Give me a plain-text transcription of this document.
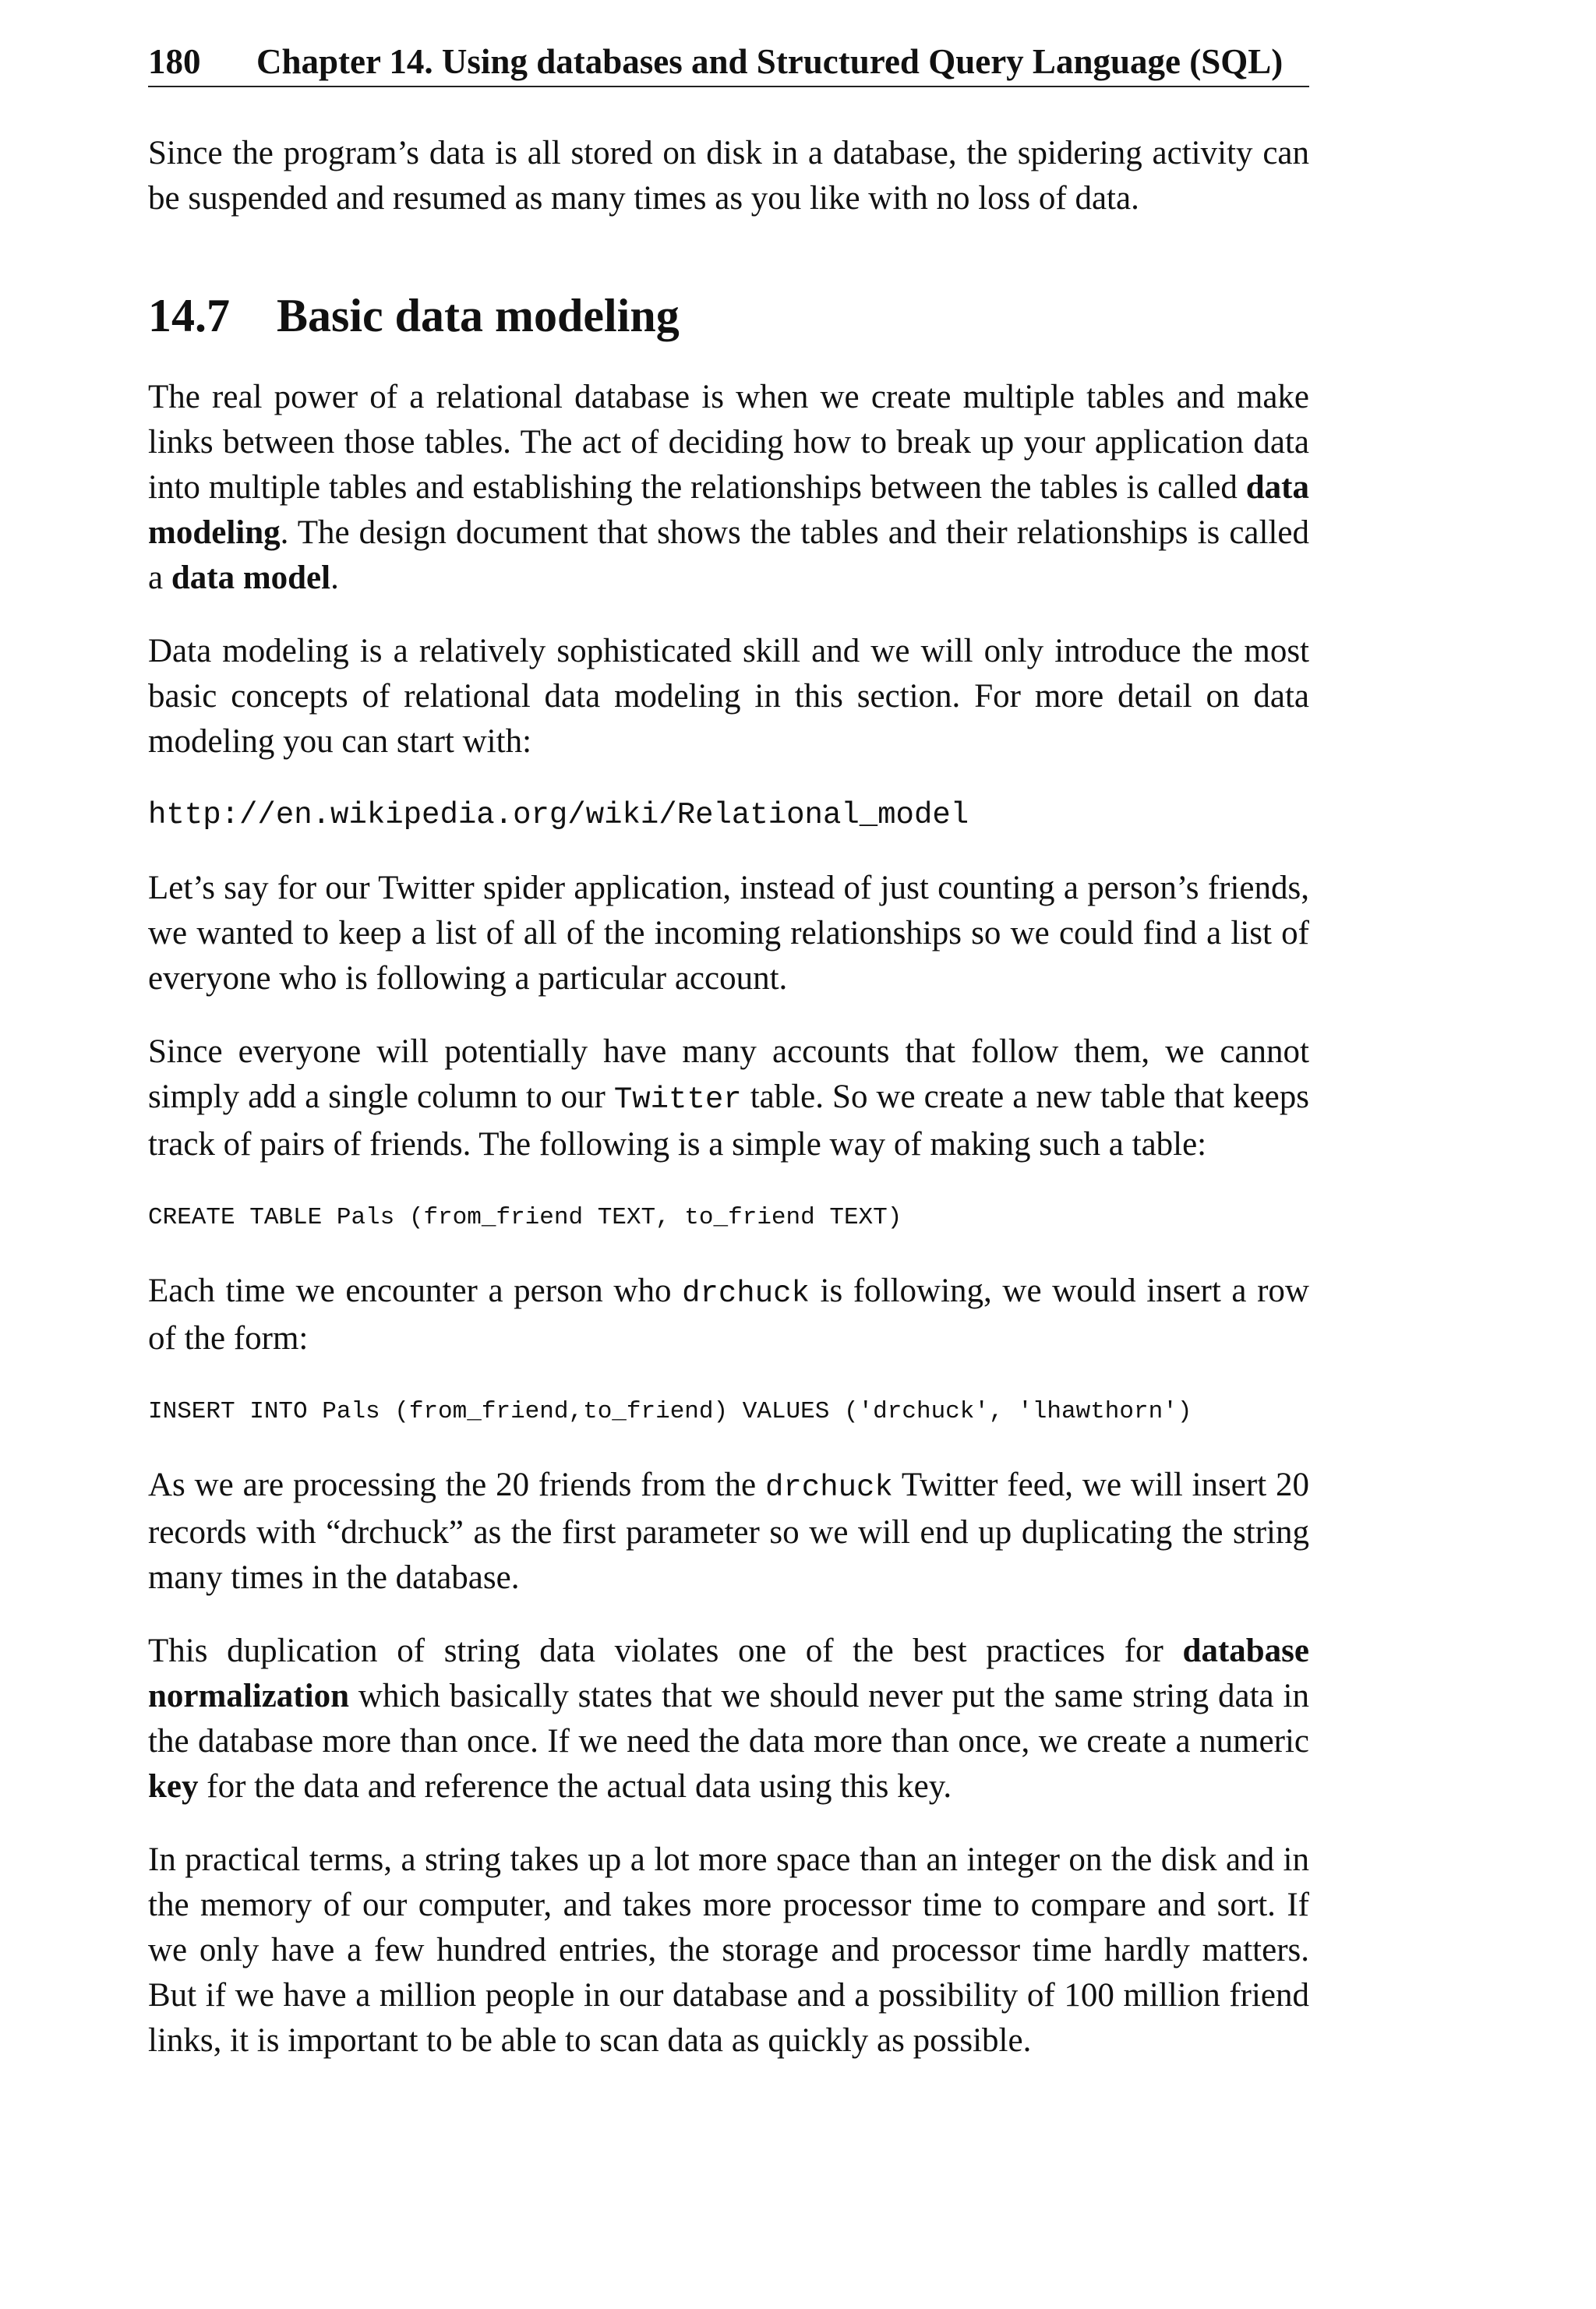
180 Chapter 14. Using databases and Structured Query Language (SQL)

Since the program’s data is all stored on disk in a database, the spidering activity can be suspended and resumed as many times as you like with no loss of data.

14.7 Basic data modeling

The real power of a relational database is when we create multiple tables and make links between those tables. The act of deciding how to break up your application data into multiple tables and establishing the relationships between the tables is called data modeling. The design document that shows the tables and their relationships is called a data model.

Data modeling is a relatively sophisticated skill and we will only introduce the most basic concepts of relational data modeling in this section. For more detail on data modeling you can start with:

http://en.wikipedia.org/wiki/Relational_model

Let’s say for our Twitter spider application, instead of just counting a person’s friends, we wanted to keep a list of all of the incoming relationships so we could find a list of everyone who is following a particular account.

Since everyone will potentially have many accounts that follow them, we cannot simply add a single column to our Twitter table. So we create a new table that keeps track of pairs of friends. The following is a simple way of making such a table:

CREATE TABLE Pals (from_friend TEXT, to_friend TEXT)

Each time we encounter a person who drchuck is following, we would insert a row of the form:

INSERT INTO Pals (from_friend,to_friend) VALUES ('drchuck', 'lhawthorn')

As we are processing the 20 friends from the drchuck Twitter feed, we will insert 20 records with “drchuck” as the first parameter so we will end up duplicating the string many times in the database.

This duplication of string data violates one of the best practices for database normalization which basically states that we should never put the same string data in the database more than once. If we need the data more than once, we create a numeric key for the data and reference the actual data using this key.

In practical terms, a string takes up a lot more space than an integer on the disk and in the memory of our computer, and takes more processor time to compare and sort. If we only have a few hundred entries, the storage and processor time hardly matters. But if we have a million people in our database and a possibility of 100 million friend links, it is important to be able to scan data as quickly as possible.
